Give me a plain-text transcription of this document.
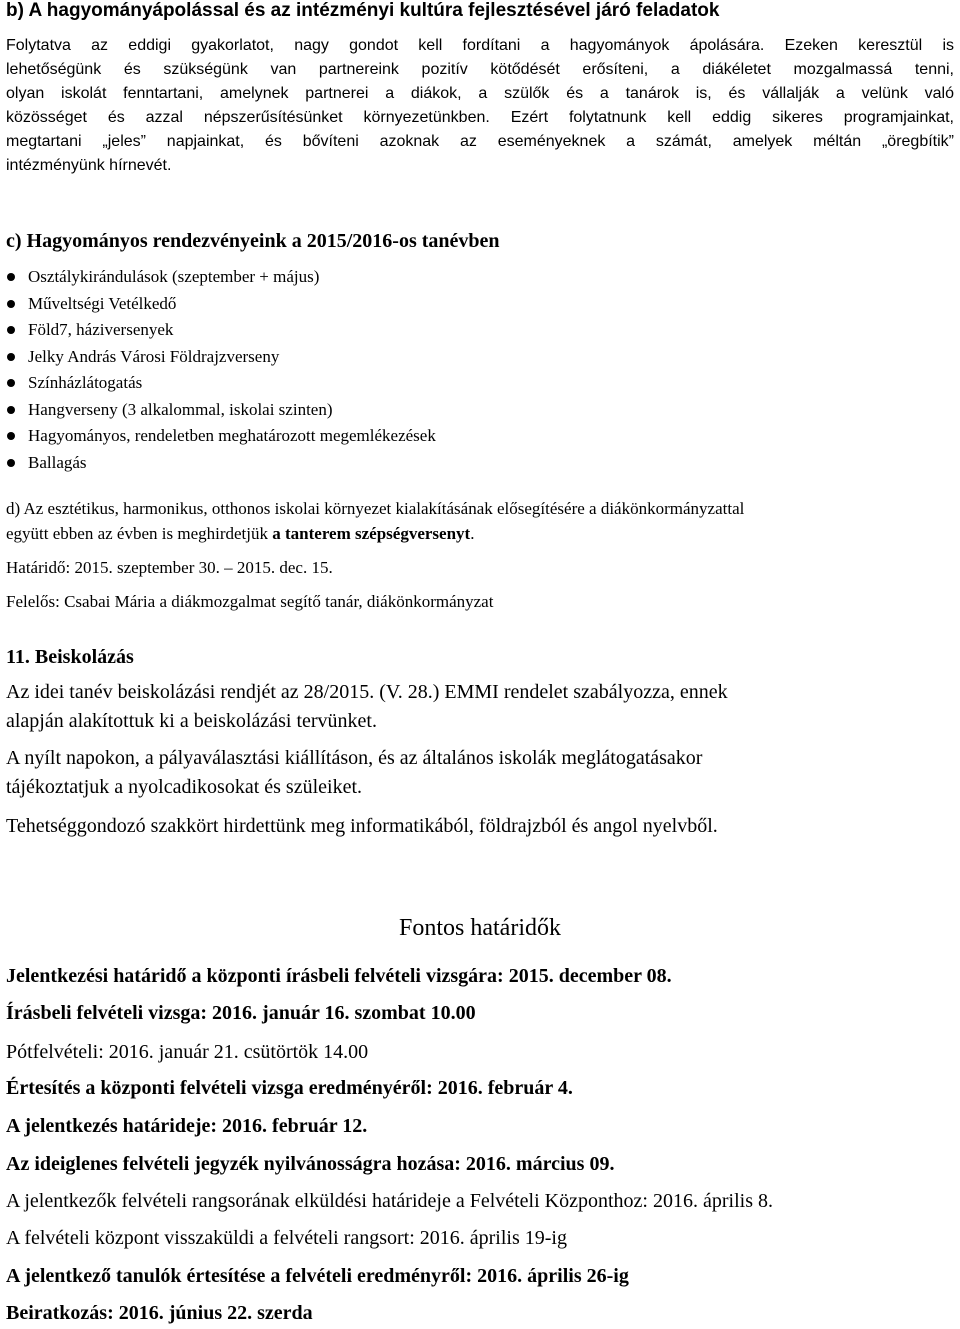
b) A hagyományápolással és az intézményi kultúra fejlesztésével járó feladatok
Folytatva az eddigi gyakorlatot, nagy gondot kell fordítani a hagyományok ápolására. Ezeken keresztül is
lehetőségünk és szükségünk van partnereink pozitív kötődését erősíteni, a diákéletet mozgalmassá tenni,
olyan iskolát fenntartani, amelynek partnerei a diákok, a szülők és a tanárok is, és vállalják a velünk való
közösséget és azzal népszerűsítésünket környezetünkben. Ezért folytatnunk kell eddig sikeres programjainkat,
megtartani „jeles” napjainkat, és bővíteni azoknak az eseményeknek a számát, amelyek méltán „öregbítik”
intézményünk hírnevét.
c) Hagyományos rendezvényeink a 2015/2016-os tanévben
Osztálykirándulások (szeptember + május)
Műveltségi Vetélkedő
Föld7, háziversenyek
Jelky András Városi Földrajzverseny
Színházlátogatás
Hangverseny (3 alkalommal, iskolai szinten)
Hagyományos, rendeletben meghatározott megemlékezések
Ballagás
d) Az esztétikus, harmonikus, otthonos iskolai környezet kialakításának elősegítésére a diákönkormányzattal
együtt ebben az évben is meghirdetjük a tanterem szépségversenyt.
Határidő: 2015. szeptember 30. – 2015. dec. 15.
Felelős: Csabai Mária a diákmozgalmat segítő tanár, diákönkormányzat
11. Beiskolázás
Az idei tanév beiskolázási rendjét az 28/2015. (V. 28.) EMMI rendelet szabályozza, ennek
alapján alakítottuk ki a beiskolázási tervünket.
A nyílt napokon, a pályaválasztási kiállításon, és az általános iskolák meglátogatásakor
tájékoztatjuk a nyolcadikosokat és szüleiket.
Tehetséggondozó szakkört hirdettünk meg informatikából, földrajzból és angol nyelvből.
Fontos határidők
Jelentkezési határidő a központi írásbeli felvételi vizsgára: 2015. december 08.
Írásbeli felvételi vizsga: 2016. január 16. szombat 10.00
Pótfelvételi: 2016. január 21. csütörtök 14.00
Értesítés a központi felvételi vizsga eredményéről: 2016. február 4.
A jelentkezés határideje: 2016. február 12.
Az ideiglenes felvételi jegyzék nyilvánosságra hozása: 2016. március 09.
A jelentkezők felvételi rangsorának elküldési határideje a Felvételi Központhoz: 2016. április 8.
A felvételi központ visszaküldi a felvételi rangsort: 2016. április 19-ig
A jelentkező tanulók értesítése a felvételi eredményről: 2016. április 26-ig
Beiratkozás: 2016. június 22. szerda
